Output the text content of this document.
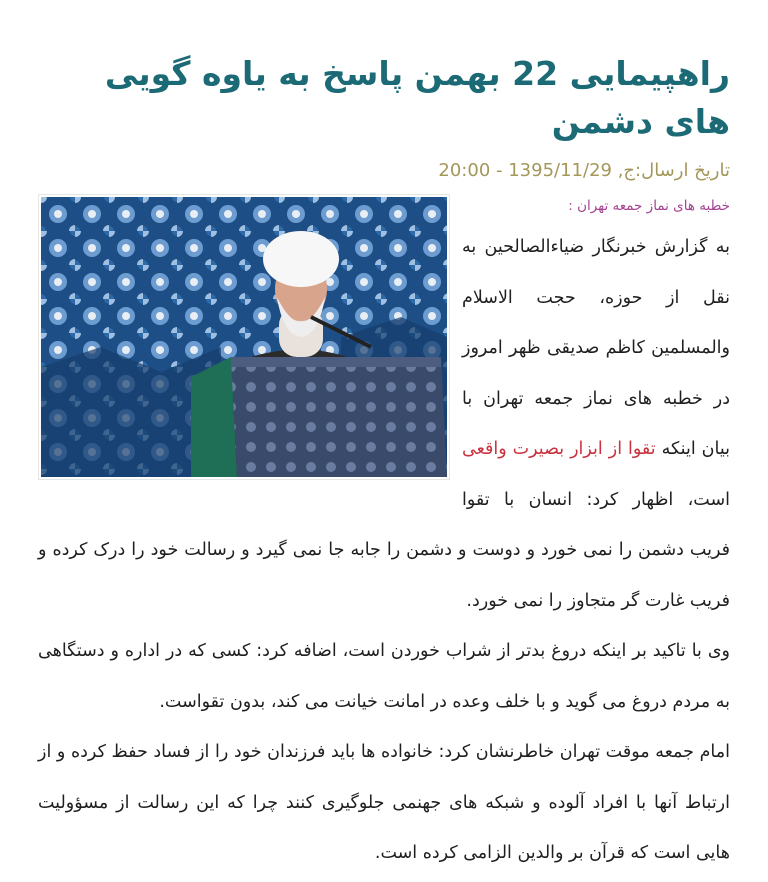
راهپیمایی 22 بهمن پاسخ به یاوه گویی های دشمن
تاریخ ارسال:ج, 1395/11/29 - 20:00
خطبه های نماز جمعه تهران :

به گزارش خبرنگار ضیاءالصالحین به نقل از حوزه، حجت الاسلام والمسلمین کاظم صدیقی ظهر امروز در خطبه های نماز جمعه تهران با بیان اینکه تقوا از ابزار بصیرت واقعی است، اظهار کرد: انسان با تقوا فریب دشمن را نمی خورد و دوست و دشمن را جابه جا نمی گیرد و رسالت خود را درک کرده و فریب غارت گر متجاوز را نمی خورد.

وی با تاکید بر اینکه دروغ بدتر از شراب خوردن است، اضافه کرد: کسی که در اداره و دستگاهی به مردم دروغ می گوید و با خلف وعده در امانت خیانت می کند، بدون تقواست.

امام جمعه موقت تهران خاطرنشان کرد: خانواده ها باید فرزندان خود را از فساد حفظ کرده و از ارتباط آنها با افراد آلوده و شبکه های جهنمی جلوگیری کنند چرا که این رسالت از مسؤولیت هایی است که قرآن بر والدین الزامی کرده است.
